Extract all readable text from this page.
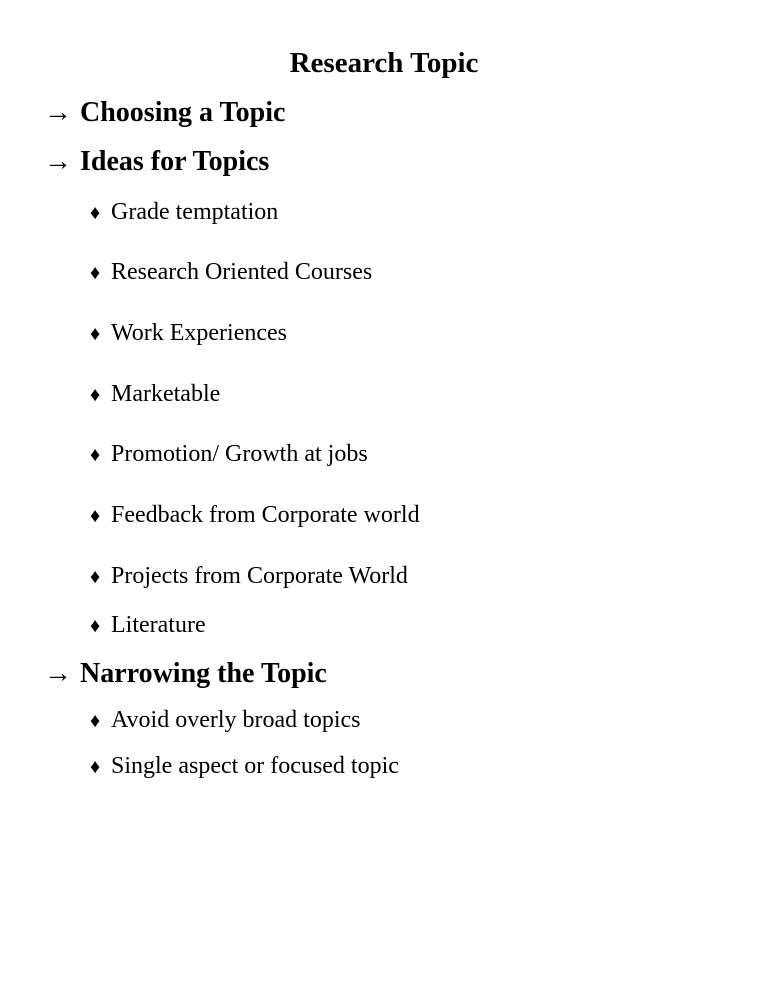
Research Topic
→ Choosing a Topic
→ Ideas for Topics
♦ Grade temptation
♦ Research Oriented Courses
♦ Work Experiences
♦ Marketable
♦ Promotion/ Growth at jobs
♦ Feedback from Corporate world
♦ Projects from Corporate World
♦ Literature
→ Narrowing the Topic
♦ Avoid overly broad topics
♦ Single aspect or focused topic
